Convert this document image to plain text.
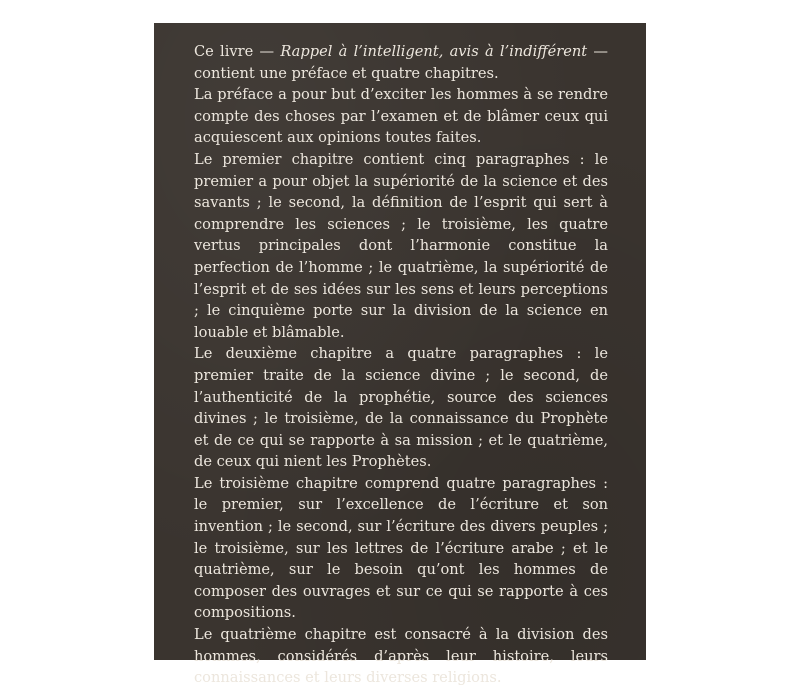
Ce livre — Rappel à l’intelligent, avis à l’indifférent — contient une préface et quatre chapitres.

La préface a pour but d’exciter les hommes à se rendre compte des choses par l’examen et de blâmer ceux qui acquiescent aux opinions toutes faites.

Le premier chapitre contient cinq paragraphes : le premier a pour objet la supériorité de la science et des savants ; le second, la définition de l’esprit qui sert à comprendre les sciences ; le troisième, les quatre vertus principales dont l’harmonie constitue la perfection de l’homme ; le quatrième, la supériorité de l’esprit et de ses idées sur les sens et leurs perceptions ; le cinquième porte sur la division de la science en louable et blâmable.

Le deuxième chapitre a quatre paragraphes : le premier traite de la science divine ; le second, de l’authenticité de la prophétie, source des sciences divines ; le troisième, de la connaissance du Prophète et de ce qui se rapporte à sa mission ; et le quatrième, de ceux qui nient les Prophètes.

Le troisième chapitre comprend quatre paragraphes : le premier, sur l’excellence de l’écriture et son invention ; le second, sur l’écriture des divers peuples ; le troisième, sur les lettres de l’écriture arabe ; et le quatrième, sur le besoin qu’ont les hommes de composer des ouvrages et sur ce qui se rapporte à ces compositions.

Le quatrième chapitre est consacré à la division des hommes, considérés d’après leur histoire, leurs connaissances et leurs diverses religions.
